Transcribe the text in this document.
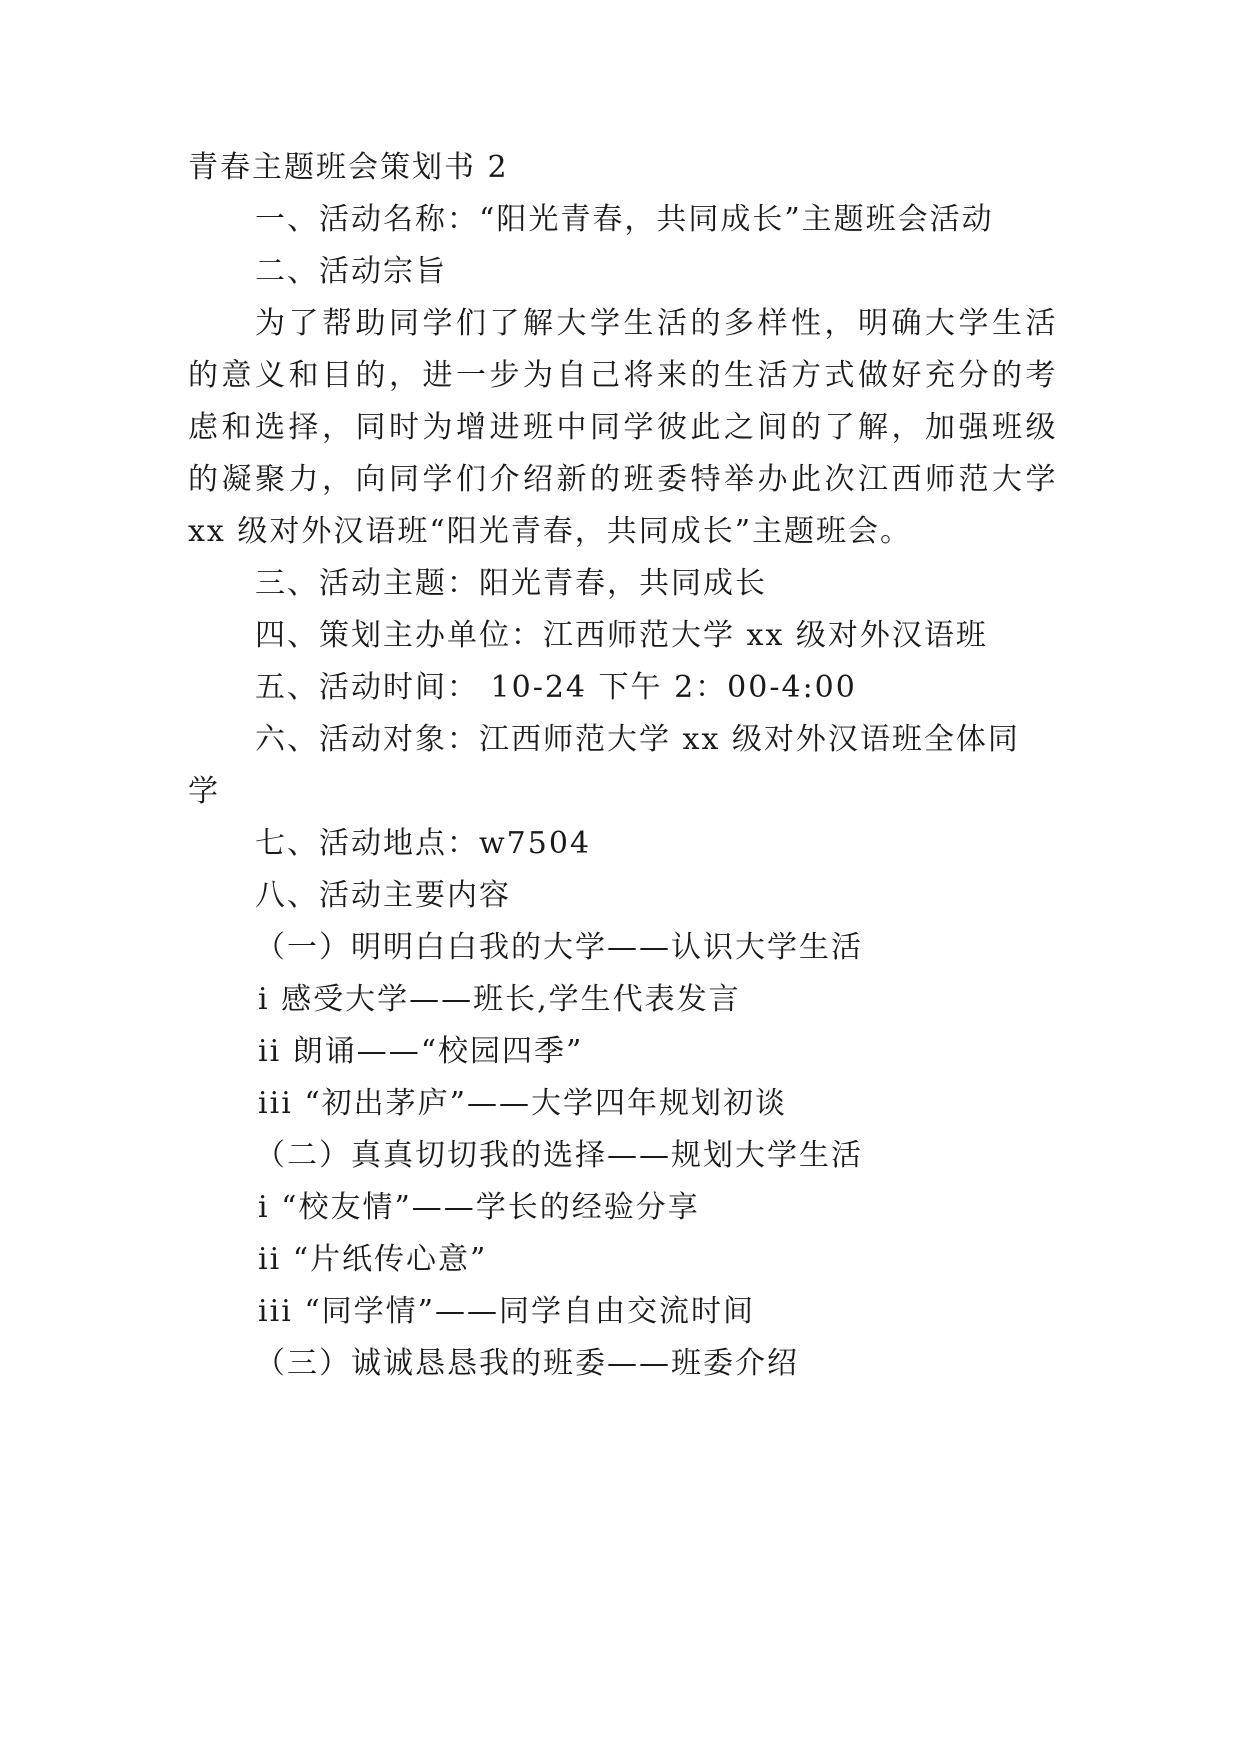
青春主题班会策划书 2
一、活动名称：“阳光青春，共同成长”主题班会活动
二、活动宗旨
为了帮助同学们了解大学生活的多样性，明确大学生活
的意义和目的，进一步为自己将来的生活方式做好充分的考
虑和选择，同时为增进班中同学彼此之间的了解，加强班级
的凝聚力，向同学们介绍新的班委特举办此次江西师范大学
xx 级对外汉语班“阳光青春，共同成长”主题班会。
三、活动主题：阳光青春，共同成长
四、策划主办单位：江西师范大学 xx 级对外汉语班
五、活动时间： 10-24 下午 2：00-4:00
六、活动对象：江西师范大学 xx 级对外汉语班全体同
学
七、活动地点：w7504
八、活动主要内容
（一）明明白白我的大学——认识大学生活
i 感受大学——班长,学生代表发言
ii 朗诵——“校园四季”
iii “初出茅庐”——大学四年规划初谈
（二）真真切切我的选择——规划大学生活
i “校友情”——学长的经验分享
ii “片纸传心意”
iii “同学情”——同学自由交流时间
（三）诚诚恳恳我的班委——班委介绍
